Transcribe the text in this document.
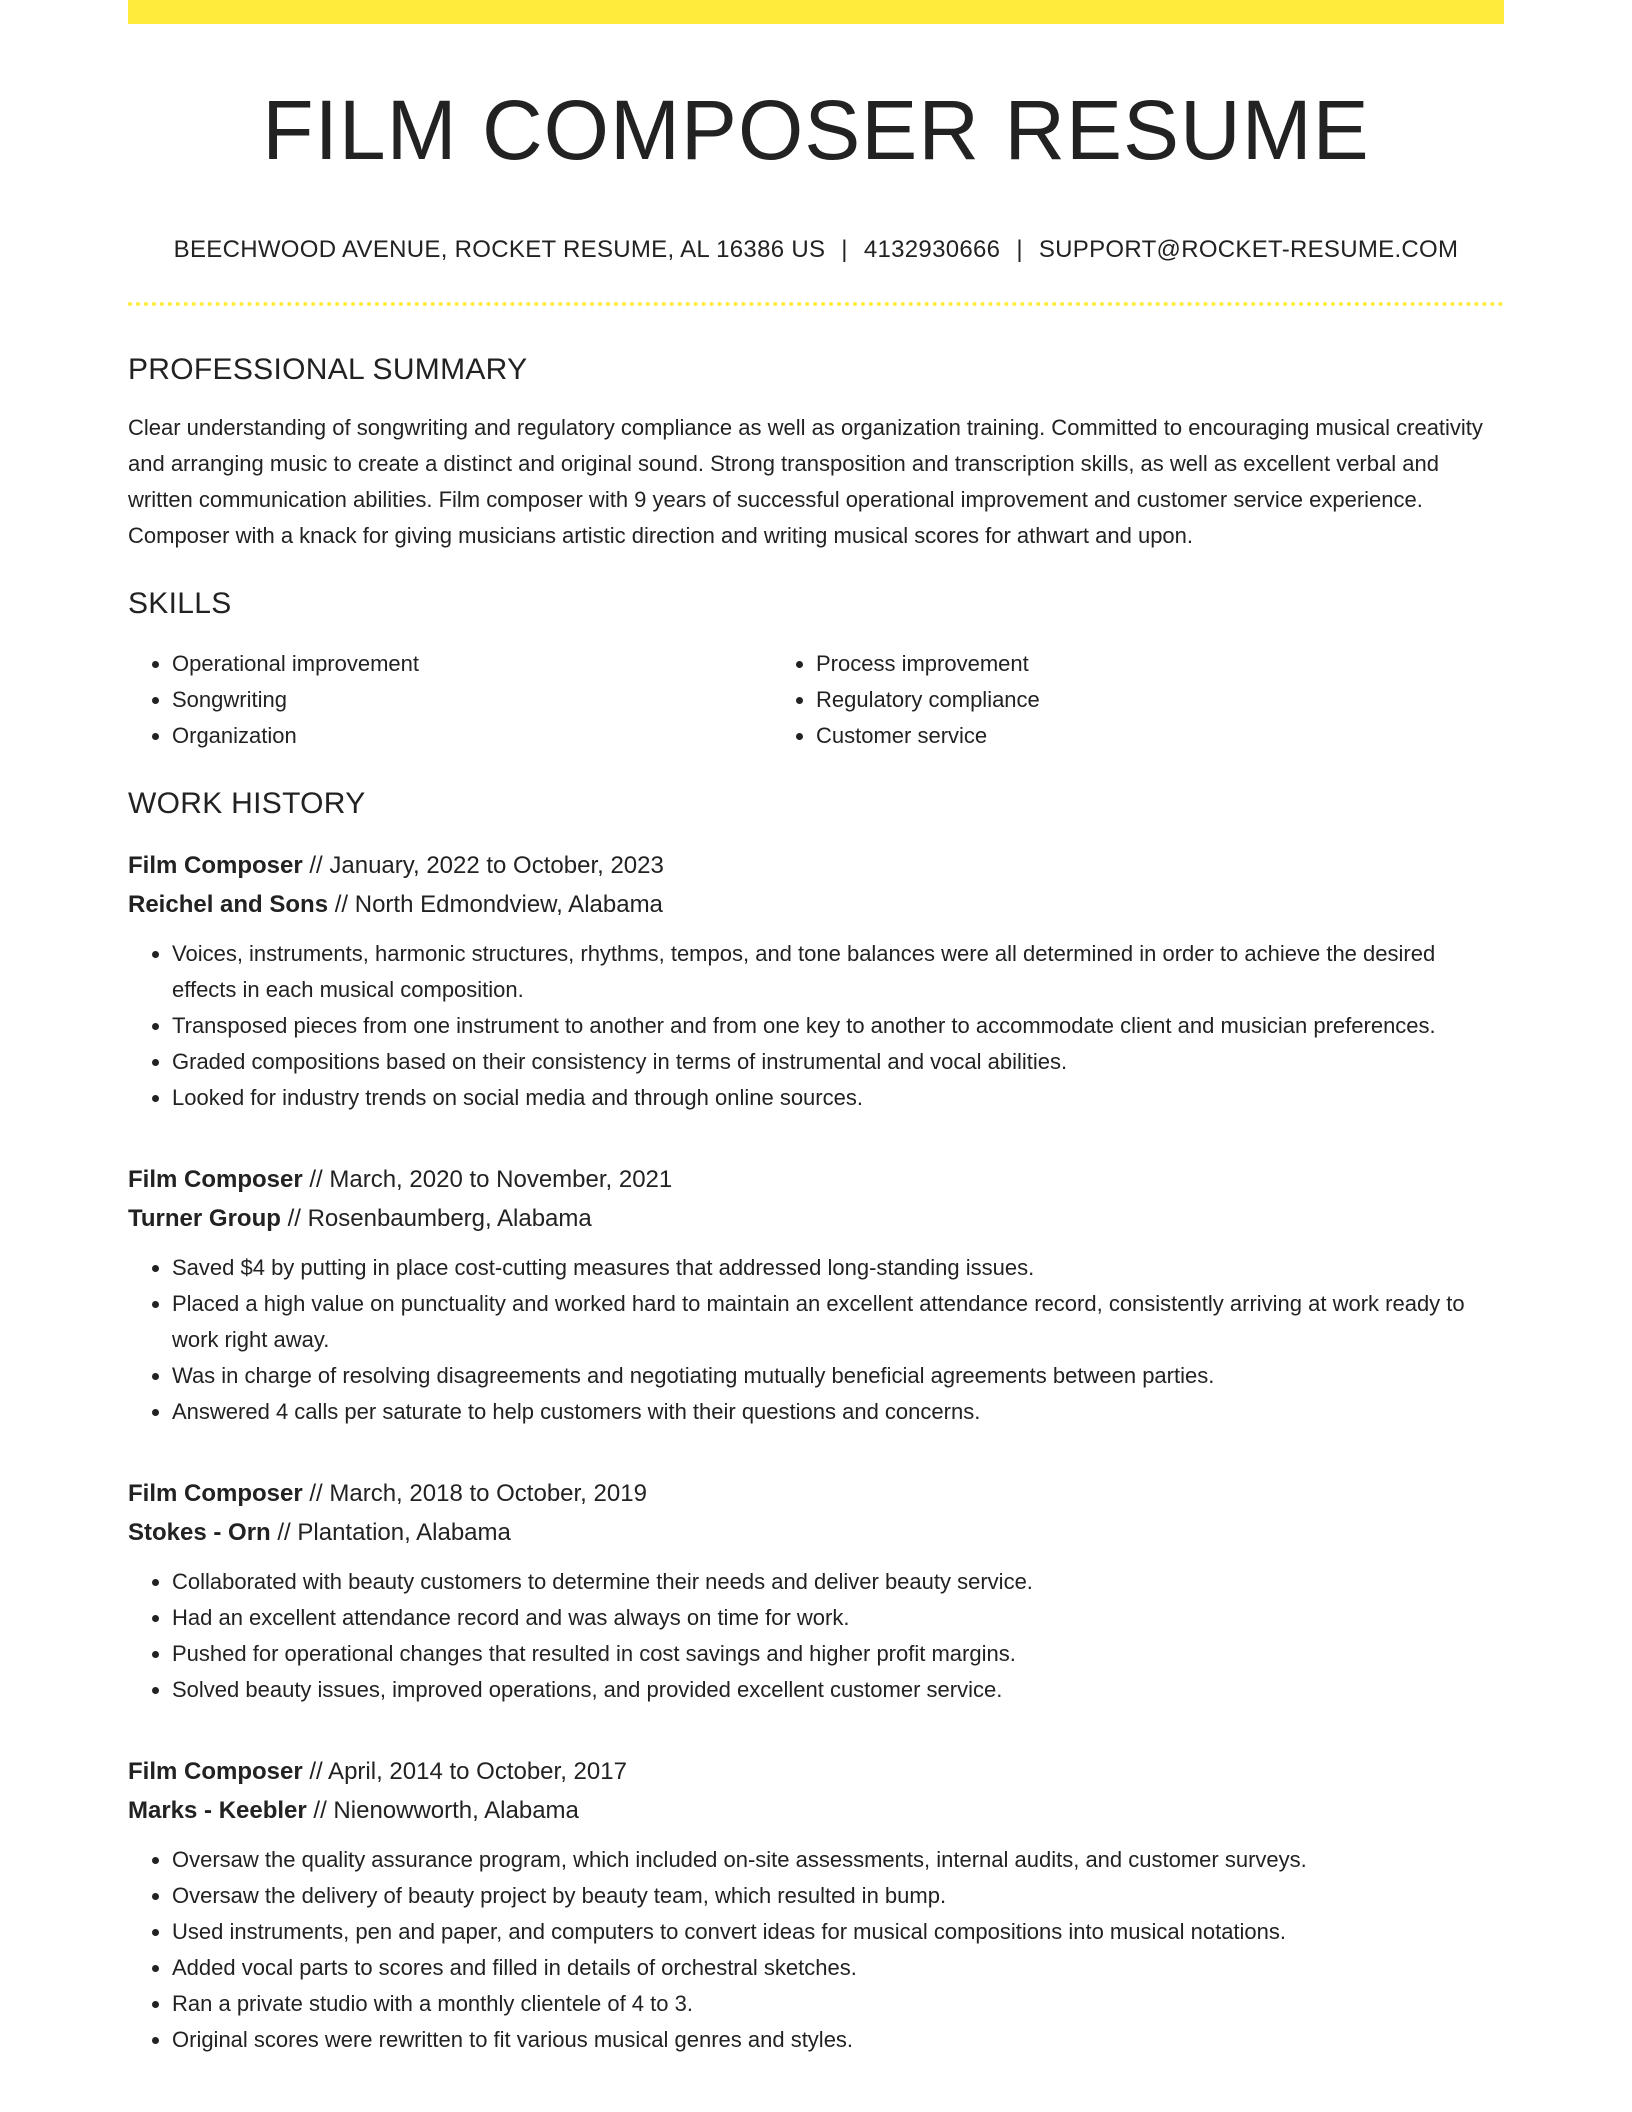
FILM COMPOSER RESUME
BEECHWOOD AVENUE, ROCKET RESUME, AL 16386 US | 4132930666 | SUPPORT@ROCKET-RESUME.COM
PROFESSIONAL SUMMARY
Clear understanding of songwriting and regulatory compliance as well as organization training. Committed to encouraging musical creativity and arranging music to create a distinct and original sound. Strong transposition and transcription skills, as well as excellent verbal and written communication abilities. Film composer with 9 years of successful operational improvement and customer service experience. Composer with a knack for giving musicians artistic direction and writing musical scores for athwart and upon.
SKILLS
• Operational improvement
• Songwriting
• Organization
• Process improvement
• Regulatory compliance
• Customer service
WORK HISTORY
Film Composer // January, 2022 to October, 2023
Reichel and Sons // North Edmondview, Alabama
• Voices, instruments, harmonic structures, rhythms, tempos, and tone balances were all determined in order to achieve the desired effects in each musical composition.
• Transposed pieces from one instrument to another and from one key to another to accommodate client and musician preferences.
• Graded compositions based on their consistency in terms of instrumental and vocal abilities.
• Looked for industry trends on social media and through online sources.
Film Composer // March, 2020 to November, 2021
Turner Group // Rosenbaumberg, Alabama
• Saved $4 by putting in place cost-cutting measures that addressed long-standing issues.
• Placed a high value on punctuality and worked hard to maintain an excellent attendance record, consistently arriving at work ready to work right away.
• Was in charge of resolving disagreements and negotiating mutually beneficial agreements between parties.
• Answered 4 calls per saturate to help customers with their questions and concerns.
Film Composer // March, 2018 to October, 2019
Stokes - Orn // Plantation, Alabama
• Collaborated with beauty customers to determine their needs and deliver beauty service.
• Had an excellent attendance record and was always on time for work.
• Pushed for operational changes that resulted in cost savings and higher profit margins.
• Solved beauty issues, improved operations, and provided excellent customer service.
Film Composer // April, 2014 to October, 2017
Marks - Keebler // Nienowworth, Alabama
• Oversaw the quality assurance program, which included on-site assessments, internal audits, and customer surveys.
• Oversaw the delivery of beauty project by beauty team, which resulted in bump.
• Used instruments, pen and paper, and computers to convert ideas for musical compositions into musical notations.
• Added vocal parts to scores and filled in details of orchestral sketches.
• Ran a private studio with a monthly clientele of 4 to 3.
• Original scores were rewritten to fit various musical genres and styles.
